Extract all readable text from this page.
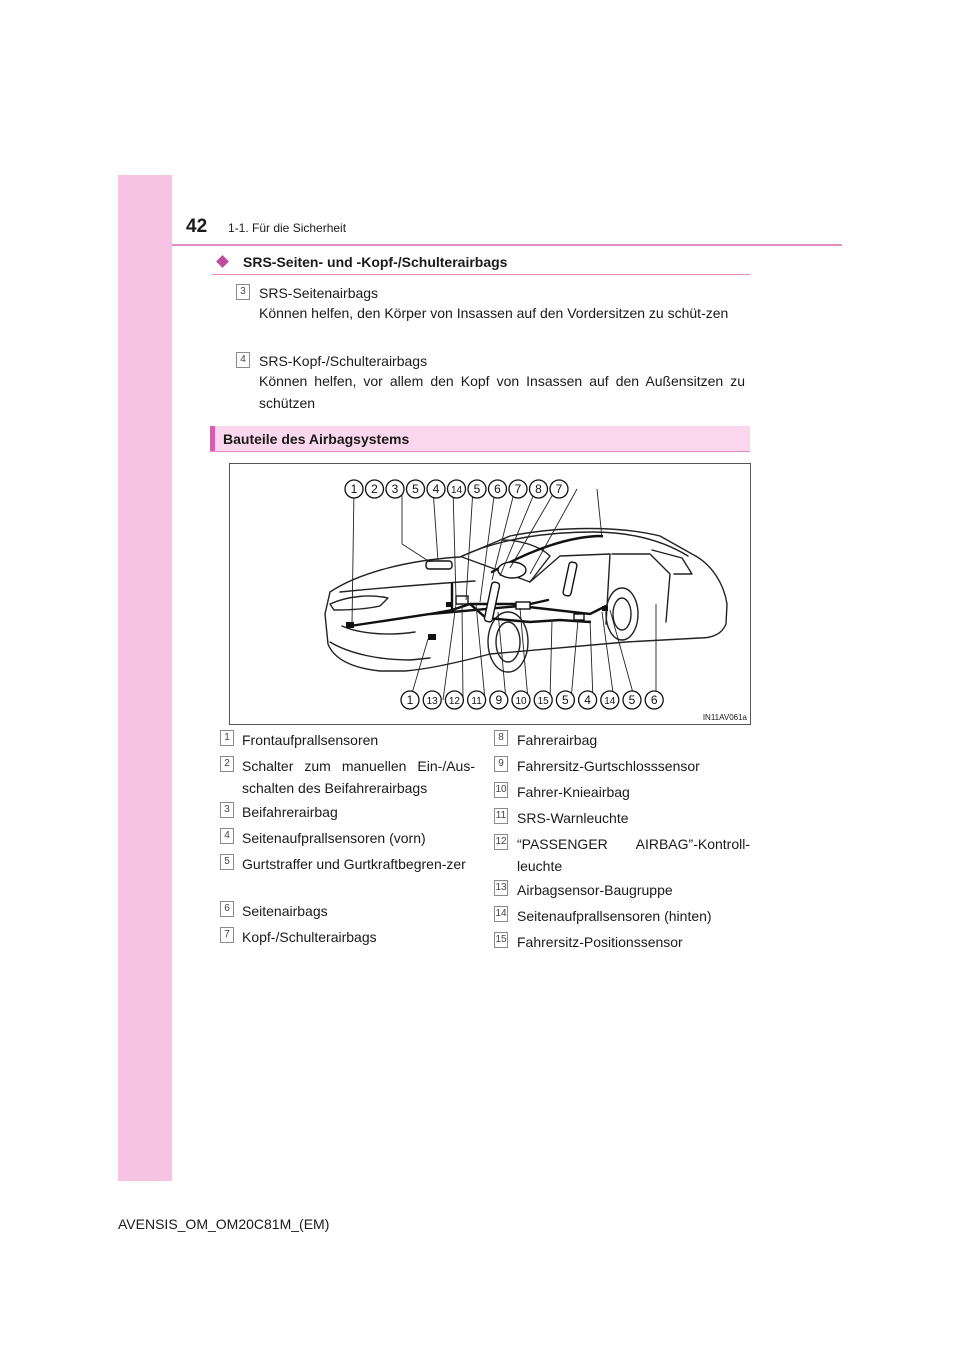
42 1-1. Für die Sicherheit
SRS-Seiten- und -Kopf-/Schulterairbags
3 SRS-Seitenairbags
Können helfen, den Körper von Insassen auf den Vordersitzen zu schüt-zen
4 SRS-Kopf-/Schulterairbags
Können helfen, vor allem den Kopf von Insassen auf den Außensitzen zu schützen
Bauteile des Airbagsystems
1 2 3 5 4 14 5 6 7 8 7
1 13 12 11 9 10 15 5 4 14 5 6
IN11AV061a
1 Frontaufprallsensoren
2 Schalter zum manuellen Ein-/Aus-schalten des Beifahrerairbags
3 Beifahrerairbag
4 Seitenaufprallsensoren (vorn)
5 Gurtstraffer und Gurtkraftbegren-zer
6 Seitenairbags
7 Kopf-/Schulterairbags
8 Fahrerairbag
9 Fahrersitz-Gurtschlosssensor
10 Fahrer-Knieairbag
11 SRS-Warnleuchte
12 “PASSENGER AIRBAG”-Kontroll-leuchte
13 Airbagsensor-Baugruppe
14 Seitenaufprallsensoren (hinten)
15 Fahrersitz-Positionssensor
AVENSIS_OM_OM20C81M_(EM)
